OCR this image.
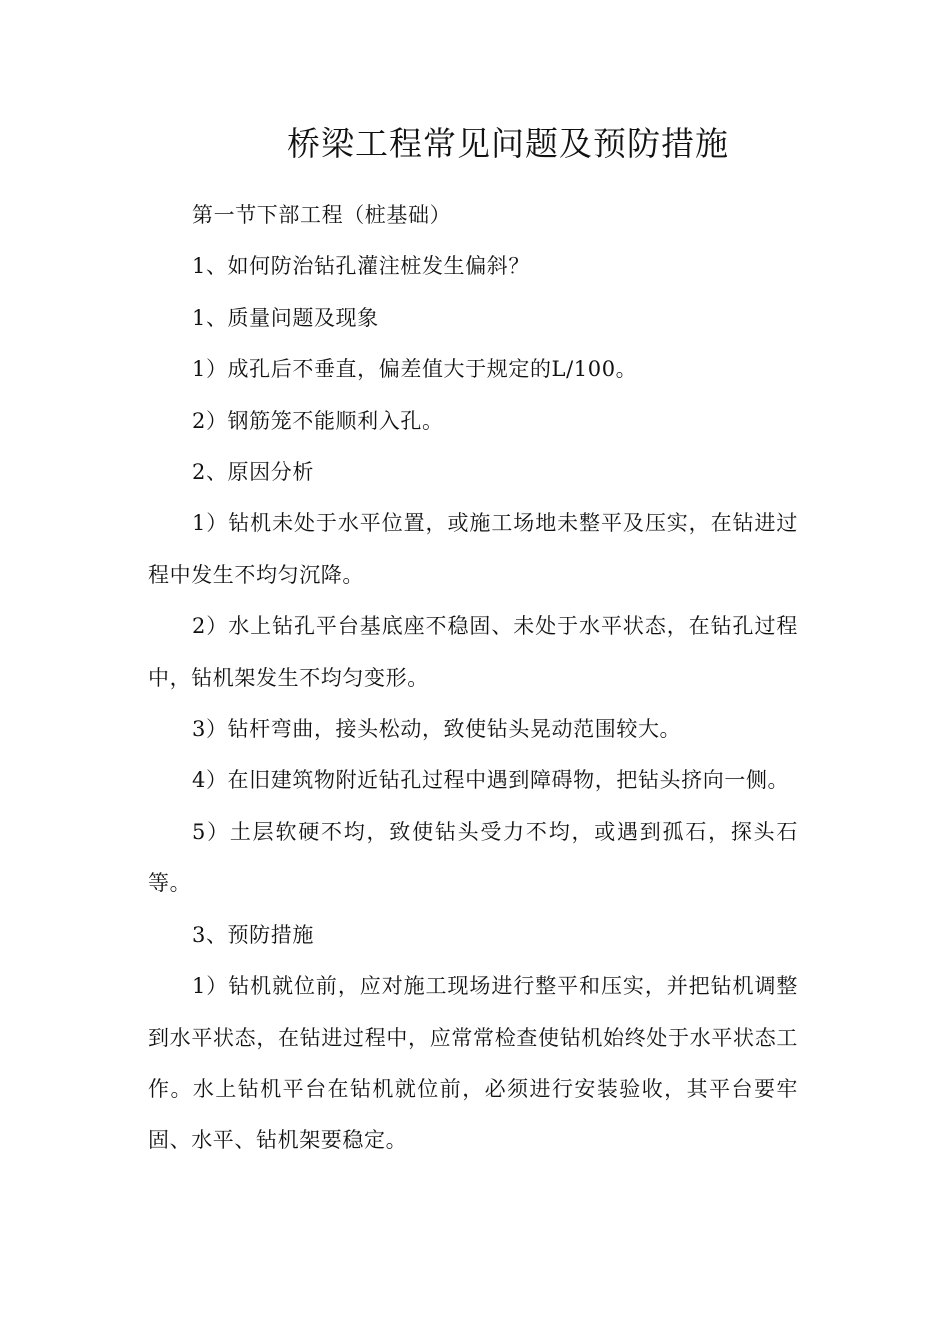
桥梁工程常见问题及预防措施

第一节下部工程（桩基础）

1、如何防治钻孔灌注桩发生偏斜？

1、质量问题及现象

1）成孔后不垂直，偏差值大于规定的L/100。

2）钢筋笼不能顺利入孔。

2、原因分析

1）钻机未处于水平位置，或施工场地未整平及压实，在钻进过程中发生不均匀沉降。

2）水上钻孔平台基底座不稳固、未处于水平状态，在钻孔过程中，钻机架发生不均匀变形。

3）钻杆弯曲，接头松动，致使钻头晃动范围较大。

4）在旧建筑物附近钻孔过程中遇到障碍物，把钻头挤向一侧。

5）土层软硬不均，致使钻头受力不均，或遇到孤石，探头石等。

3、预防措施

1）钻机就位前，应对施工现场进行整平和压实，并把钻机调整到水平状态，在钻进过程中，应常常检查使钻机始终处于水平状态工作。水上钻机平台在钻机就位前，必须进行安装验收，其平台要牢固、水平、钻机架要稳定。
